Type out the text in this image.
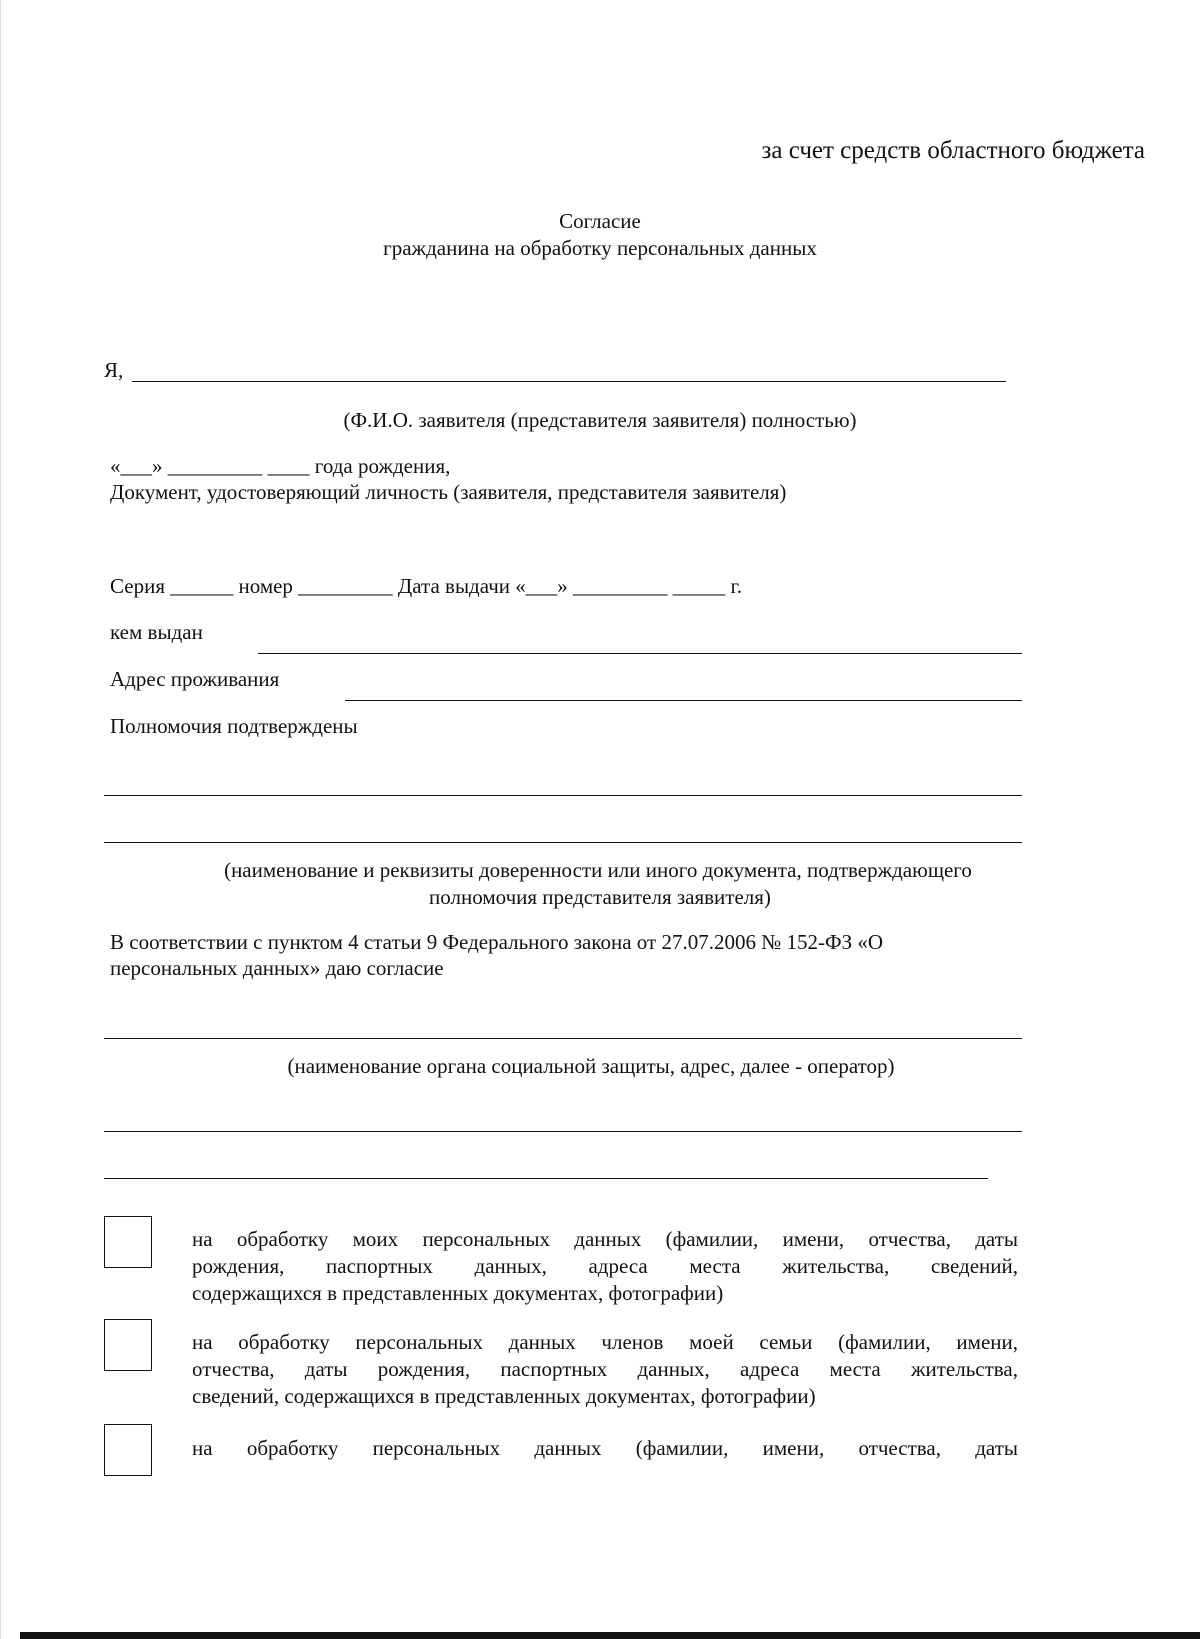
за счет средств областного бюджета
Согласие
гражданина на обработку персональных данных
Я,
(Ф.И.О. заявителя (представителя заявителя) полностью)
«___» _________ ____ года рождения,
Документ, удостоверяющий личность (заявителя, представителя заявителя)
Серия ______ номер _________ Дата выдачи «___» _________ _____ г.
кем выдан
Адрес проживания
Полномочия подтверждены
(наименование и реквизиты доверенности или иного документа, подтверждающего
полномочия представителя заявителя)
В соответствии с пунктом 4 статьи 9 Федерального закона от 27.07.2006 № 152-ФЗ «О
персональных данных» даю согласие
(наименование органа социальной защиты, адрес, далее - оператор)
на обработку моих персональных данных (фамилии, имени, отчества, даты
рождения, паспортных данных, адреса места жительства, сведений,
содержащихся в представленных документах, фотографии)
на обработку персональных данных членов моей семьи (фамилии, имени,
отчества, даты рождения, паспортных данных, адреса места жительства,
сведений, содержащихся в представленных документах, фотографии)
на обработку персональных данных (фамилии, имени, отчества, даты
